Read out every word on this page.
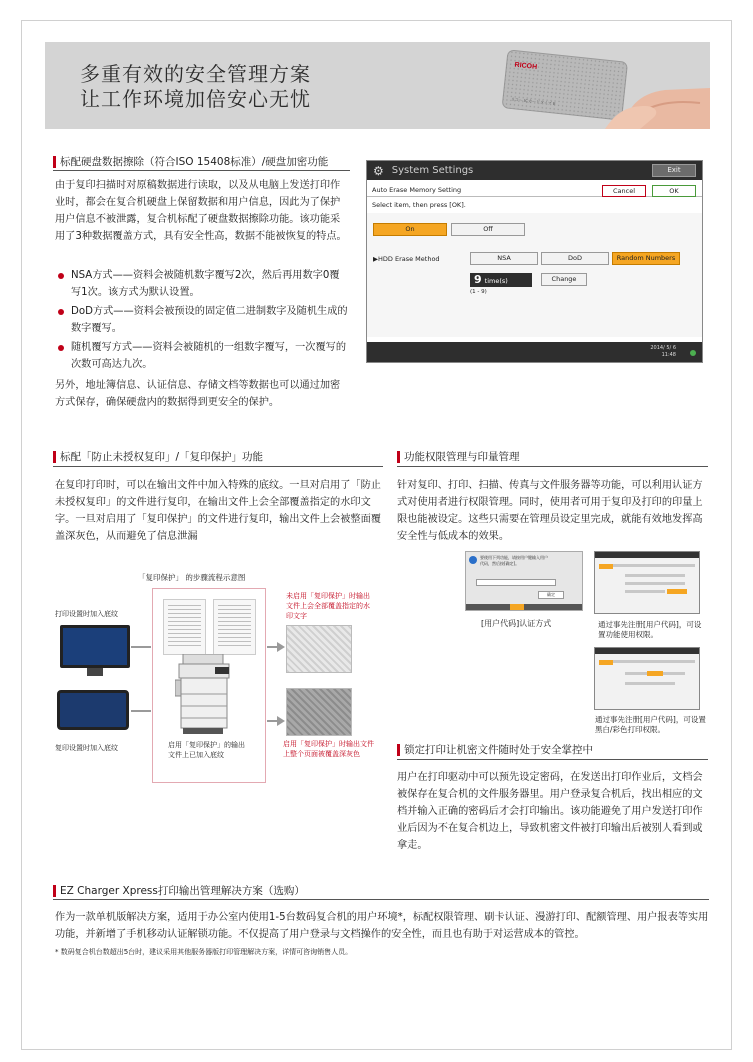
多重有效的安全管理方案
让工作环境加倍安心无忧
RICOH
リコー ICカードタイプ E
标配硬盘数据擦除（符合ISO 15408标准）/硬盘加密功能
由于复印扫描时对原稿数据进行读取，以及从电脑上发送打印作业时，都会在复合机硬盘上保留数据和用户信息，因此为了保护用户信息不被泄露，复合机标配了硬盘数据擦除功能。该功能采用了3种数据覆盖方式，具有安全性高，数据不能被恢复的特点。
NSA方式——资料会被随机数字覆写2次，然后再用数字0覆写1次。该方式为默认设置。
DoD方式——资料会被预设的固定值二进制数字及随机生成的数字覆写。
随机覆写方式——资料会被随机的一组数字覆写，一次覆写的次数可高达九次。
另外，地址簿信息、认证信息、存储文档等数据也可以通过加密方式保存，确保硬盘内的数据得到更安全的保护。
⚙ System Settings	Exit
Auto Erase Memory Setting	Cancel	OK
Select item, then press [OK].
On	Off
▶HDD Erase Method	NSA	DoD	Random Numbers
9 time(s)	Change
(1 - 9)
2014/ 5/ 6
11:48
标配「防止未授权复印」/「复印保护」功能
在复印打印时，可以在输出文件中加入特殊的底纹。一旦对启用了「防止未授权复印」的文件进行复印，在输出文件上会全部覆盖指定的水印文字。一旦对启用了「复印保护」的文件进行复印，输出文件上会被整面覆盖深灰色，从而避免了信息泄漏
「复印保护」 的步骤流程示意图
打印设置时加入底纹
复印设置时加入底纹	启用「复印保护」的输出文件上已加入底纹
未启用「复印保护」时输出文件上会全部覆盖指定的水印文字
启用「复印保护」时输出文件上整个页面被覆盖深灰色
功能权限管理与印量管理
针对复印、打印、扫描、传真与文件服务器等功能，可以利用认证方式对使用者进行权限管理。同时，使用者可用于复印及打印的印量上限也能被设定。这些只需要在管理员设定里完成，就能有效地发挥高安全性与低成本的效果。
要使用下列功能，请按用户键输入用户代码，然后按[确定]。
确定
[用户代码]认证方式	通过事先注册[用户代码]，可设置功能使用权限。
通过事先注册[用户代码]，可设置黑白/彩色打印权限。
锁定打印让机密文件随时处于安全掌控中
用户在打印驱动中可以预先设定密码，在发送出打印作业后，文档会被保存在复合机的文件服务器里。用户登录复合机后，找出相应的文档并输入正确的密码后才会打印输出。该功能避免了用户发送打印作业后因为不在复合机边上，导致机密文件被打印输出后被别人看到或拿走。
EZ Charger Xpress打印输出管理解决方案（选购）
作为一款单机版解决方案，适用于办公室内使用1-5台数码复合机的用户环境*，标配权限管理、刷卡认证、漫游打印、配额管理、用户报表等实用功能，并新增了手机移动认证解锁功能。不仅提高了用户登录与文档操作的安全性，而且也有助于对运营成本的管控。
* 数码复合机台数超出5台时，建议采用其他服务器版打印管理解决方案，详情可咨询销售人员。
